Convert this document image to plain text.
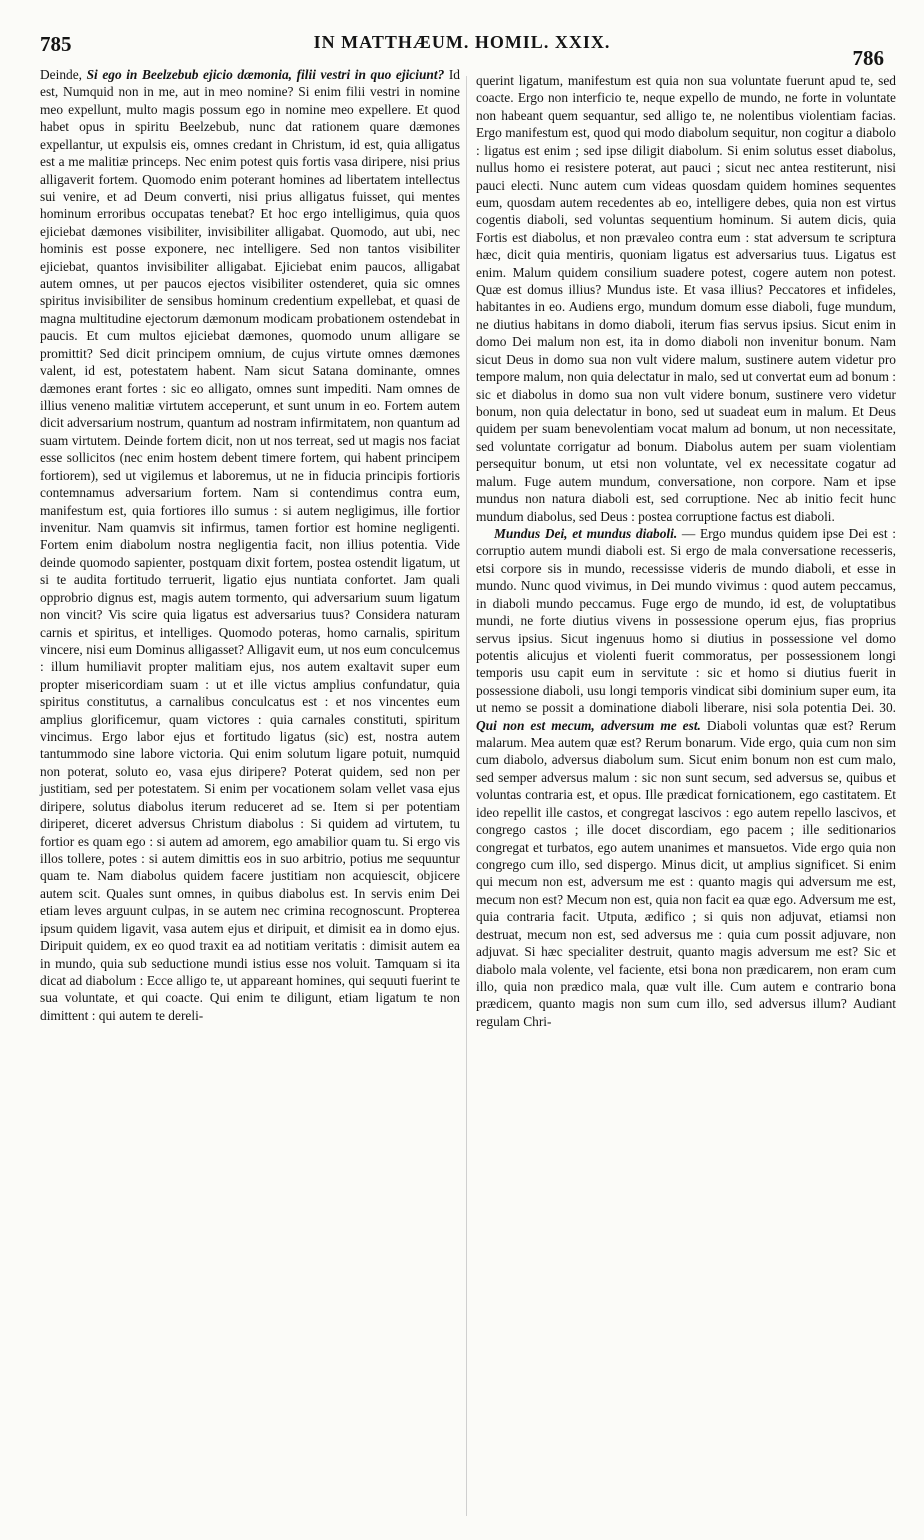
785	IN MATTHÆUM. HOMIL. XXIX.
786

Deinde, Si ego in Beelzebub ejicio dæmonia, filii vestri in quo ejiciunt? Id est, Numquid non in me, aut in meo nomine? Si enim filii vestri in nomine meo expellunt, multo magis possum ego in nomine meo expellere. Et quod habet opus in spiritu Beelzebub, nunc dat rationem quare dæmones expellantur, ut expulsis eis, omnes credant in Christum, id est, quia alligatus est a me malitiæ princeps. Nec enim potest quis fortis vasa diripere, nisi prius alligaverit fortem. Quomodo enim poterant homines ad libertatem intellectus sui venire, et ad Deum converti, nisi prius alligatus fuisset, qui mentes hominum erroribus occupatas tenebat? Et hoc ergo intelligimus, quia quos ejiciebat dæmones visibiliter, invisibiliter alligabat. Quomodo, aut ubi, nec hominis est posse exponere, nec intelligere. Sed non tantos visibiliter ejiciebat, quantos invisibiliter alligabat. Ejiciebat enim paucos, alligabat autem omnes, ut per paucos ejectos visibiliter ostenderet, quia sic omnes spiritus invisibiliter de sensibus hominum credentium expellebat, et quasi de magna multitudine ejectorum dæmonum modicam probationem ostendebat in paucis. Et cum multos ejiciebat dæmones, quomodo unum alligare se promittit? Sed dicit principem omnium, de cujus virtute omnes dæmones valent, id est, potestatem habent. Nam sicut Satana dominante, omnes dæmones erant fortes : sic eo alligato, omnes sunt impediti. Nam omnes de illius veneno malitiæ virtutem acceperunt, et sunt unum in eo. Fortem autem dicit adversarium nostrum, quantum ad nostram infirmitatem, non quantum ad suam virtutem. Deinde fortem dicit, non ut nos terreat, sed ut magis nos faciat esse sollicitos (nec enim hostem debent timere fortem, qui habent principem fortiorem), sed ut vigilemus et laboremus, ut ne in fiducia principis fortioris contemnamus adversarium fortem. Nam si contendimus contra eum, manifestum est, quia fortiores illo sumus : si autem negligimus, ille fortior invenitur. Nam quamvis sit infirmus, tamen fortior est homine negligenti. Fortem enim diabolum nostra negligentia facit, non illius potentia. Vide deinde quomodo sapienter, postquam dixit fortem, postea ostendit ligatum, ut si te audita fortitudo terruerit, ligatio ejus nuntiata confortet. Jam quali opprobrio dignus est, magis autem tormento, qui adversarium suum ligatum non vincit? Vis scire quia ligatus est adversarius tuus? Considera naturam carnis et spiritus, et intelliges. Quomodo poteras, homo carnalis, spiritum vincere, nisi eum Dominus alligasset? Alligavit eum, ut nos eum conculcemus : illum humiliavit propter malitiam ejus, nos autem exaltavit super eum propter misericordiam suam : ut et ille victus amplius confundatur, quia spiritus constitutus, a carnalibus conculcatus est : et nos vincentes eum amplius glorificemur, quam victores : quia carnales constituti, spiritum vincimus. Ergo labor ejus et fortitudo ligatus (sic) est, nostra autem tantummodo sine labore victoria. Qui enim solutum ligare potuit, numquid non poterat, soluto eo, vasa ejus diripere? Poterat quidem, sed non per justitiam, sed per potestatem. Si enim per vocationem solam vellet vasa ejus diripere, solutus diabolus iterum reduceret ad se. Item si per potentiam diriperet, diceret adversus Christum diabolus : Si quidem ad virtutem, tu fortior es quam ego : si autem ad amorem, ego amabilior quam tu. Si ergo vis illos tollere, potes : si autem dimittis eos in suo arbitrio, potius me sequuntur quam te. Nam diabolus quidem facere justitiam non acquiescit, objicere autem scit. Quales sunt omnes, in quibus diabolus est. In servis enim Dei etiam leves arguunt culpas, in se autem nec crimina recognoscunt. Propterea ipsum quidem ligavit, vasa autem ejus et diripuit, et dimisit ea in domo ejus. Diripuit quidem, ex eo quod traxit ea ad notitiam veritatis : dimisit autem ea in mundo, quia sub seductione mundi istius esse nos voluit. Tamquam si ita dicat ad diabolum : Ecce alligo te, ut appareant homines, qui sequuti fuerint te sua voluntate, et qui coacte. Qui enim te diligunt, etiam ligatum te non dimittent : qui autem te dereli-

querint ligatum, manifestum est quia non sua voluntate fuerunt apud te, sed coacte. Ergo non interficio te, neque expello de mundo, ne forte in voluntate non habeant quem sequantur, sed alligo te, ne nolentibus violentiam facias. Ergo manifestum est, quod qui modo diabolum sequitur, non cogitur a diabolo : ligatus est enim ; sed ipse diligit diabolum. Si enim solutus esset diabolus, nullus homo ei resistere poterat, aut pauci ; sicut nec antea restiterunt, nisi pauci electi. Nunc autem cum videas quosdam quidem homines sequentes eum, quosdam autem recedentes ab eo, intelligere debes, quia non est virtus cogentis diaboli, sed voluntas sequentium hominum. Si autem dicis, quia Fortis est diabolus, et non prævaleo contra eum : stat adversum te scriptura hæc, dicit quia mentiris, quoniam ligatus est adversarius tuus. Ligatus est enim. Malum quidem consilium suadere potest, cogere autem non potest. Quæ est domus illius? Mundus iste. Et vasa illius? Peccatores et infideles, habitantes in eo. Audiens ergo, mundum domum esse diaboli, fuge mundum, ne diutius habitans in domo diaboli, iterum fias servus ipsius. Sicut enim in domo Dei malum non est, ita in domo diaboli non invenitur bonum. Nam sicut Deus in domo sua non vult videre malum, sustinere autem videtur pro tempore malum, non quia delectatur in malo, sed ut convertat eum ad bonum : sic et diabolus in domo sua non vult videre bonum, sustinere vero videtur bonum, non quia delectatur in bono, sed ut suadeat eum in malum. Et Deus quidem per suam benevolentiam vocat malum ad bonum, ut non necessitate, sed voluntate corrigatur ad bonum. Diabolus autem per suam violentiam persequitur bonum, ut etsi non voluntate, vel ex necessitate cogatur ad malum. Fuge autem mundum, conversatione, non corpore. Nam et ipse mundus non natura diaboli est, sed corruptione. Nec ab initio fecit hunc mundum diabolus, sed Deus : postea corruptione factus est diaboli.

Mundus Dei, et mundus diaboli. — Ergo mundus quidem ipse Dei est : corruptio autem mundi diaboli est. Si ergo de mala conversatione recesseris, etsi corpore sis in mundo, recessisse videris de mundo diaboli, et esse in mundo. Nunc quod vivimus, in Dei mundo vivimus : quod autem peccamus, in diaboli mundo peccamus. Fuge ergo de mundo, id est, de voluptatibus mundi, ne forte diutius vivens in possessione operum ejus, fias proprius servus ipsius. Sicut ingenuus homo si diutius in possessione vel domo potentis alicujus et violenti fuerit commoratus, per possessionem longi temporis usu capit eum in servitute : sic et homo si diutius fuerit in possessione diaboli, usu longi temporis vindicat sibi dominium super eum, ita ut nemo se possit a dominatione diaboli liberare, nisi sola potentia Dei. 30. Qui non est mecum, adversum me est. Diaboli voluntas quæ est? Rerum malarum. Mea autem quæ est? Rerum bonarum. Vide ergo, quia cum non sim cum diabolo, adversus diabolum sum. Sicut enim bonum non est cum malo, sed semper adversus malum : sic non sunt secum, sed adversus se, quibus et voluntas contraria est, et opus. Ille prædicat fornicationem, ego castitatem. Et ideo repellit ille castos, et congregat lascivos : ego autem repello lascivos, et congrego castos ; ille docet discordiam, ego pacem ; ille seditionarios congregat et turbatos, ego autem unanimes et mansuetos. Vide ergo quia non congrego cum illo, sed dispergo. Minus dicit, ut amplius significet. Si enim qui mecum non est, adversum me est : quanto magis qui adversum me est, mecum non est? Mecum non est, quia non facit ea quæ ego. Adversum me est, quia contraria facit. Utputa, ædifico ; si quis non adjuvat, etiamsi non destruat, mecum non est, sed adversus me : quia cum possit adjuvare, non adjuvat. Si hæc specialiter destruit, quanto magis adversum me est? Sic et diabolo mala volente, vel faciente, etsi bona non prædicarem, non eram cum illo, quia non prædico mala, quæ vult ille. Cum autem e contrario bona prædicem, quanto magis non sum cum illo, sed adversus illum? Audiant regulam Chri-
